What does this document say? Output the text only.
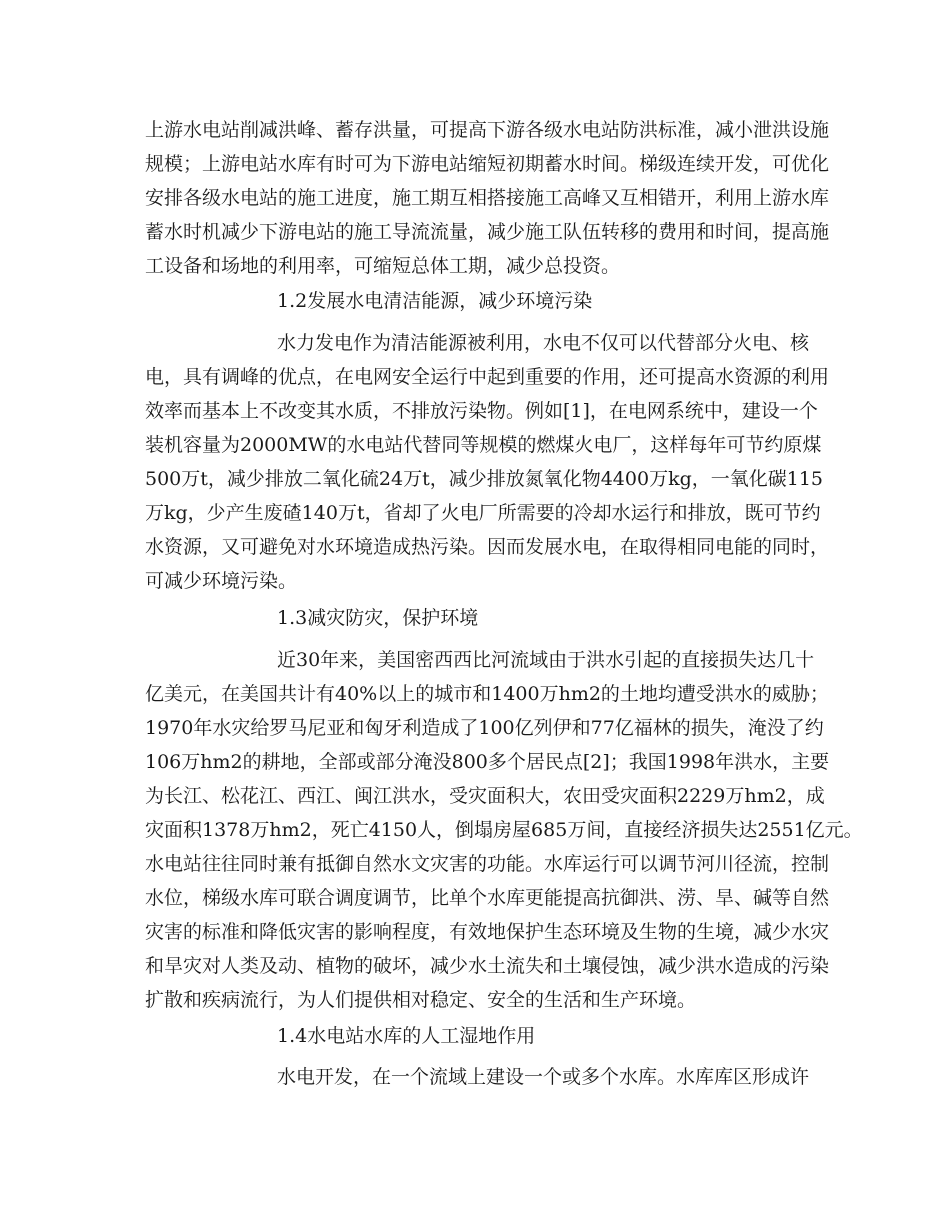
上游水电站削减洪峰、蓄存洪量，可提高下游各级水电站防洪标准，减小泄洪设施
规模；上游电站水库有时可为下游电站缩短初期蓄水时间。梯级连续开发，可优化
安排各级水电站的施工进度，施工期互相搭接施工高峰又互相错开，利用上游水库
蓄水时机减少下游电站的施工导流流量，减少施工队伍转移的费用和时间，提高施
工设备和场地的利用率，可缩短总体工期，减少总投资。
1.2发展水电清洁能源，减少环境污染
水力发电作为清洁能源被利用，水电不仅可以代替部分火电、核
电，具有调峰的优点，在电网安全运行中起到重要的作用，还可提高水资源的利用
效率而基本上不改变其水质，不排放污染物。例如[1]，在电网系统中，建设一个
装机容量为2000MW的水电站代替同等规模的燃煤火电厂，这样每年可节约原煤
500万t，减少排放二氧化硫24万t，减少排放氮氧化物4400万kg，一氧化碳115
万kg，少产生废碴140万t，省却了火电厂所需要的冷却水运行和排放，既可节约
水资源，又可避免对水环境造成热污染。因而发展水电，在取得相同电能的同时，
可减少环境污染。
1.3减灾防灾，保护环境
近30年来，美国密西西比河流域由于洪水引起的直接损失达几十
亿美元，在美国共计有40%以上的城市和1400万hm2的土地均遭受洪水的威胁；
1970年水灾给罗马尼亚和匈牙利造成了100亿列伊和77亿福林的损失，淹没了约
106万hm2的耕地，全部或部分淹没800多个居民点[2]；我国1998年洪水，主要
为长江、松花江、西江、闽江洪水，受灾面积大，农田受灾面积2229万hm2，成
灾面积1378万hm2，死亡4150人，倒塌房屋685万间，直接经济损失达2551亿元。
水电站往往同时兼有抵御自然水文灾害的功能。水库运行可以调节河川径流，控制
水位，梯级水库可联合调度调节，比单个水库更能提高抗御洪、涝、旱、碱等自然
灾害的标准和降低灾害的影响程度，有效地保护生态环境及生物的生境，减少水灾
和旱灾对人类及动、植物的破坏，减少水土流失和土壤侵蚀，减少洪水造成的污染
扩散和疾病流行，为人们提供相对稳定、安全的生活和生产环境。
1.4水电站水库的人工湿地作用
水电开发，在一个流域上建设一个或多个水库。水库库区形成许
